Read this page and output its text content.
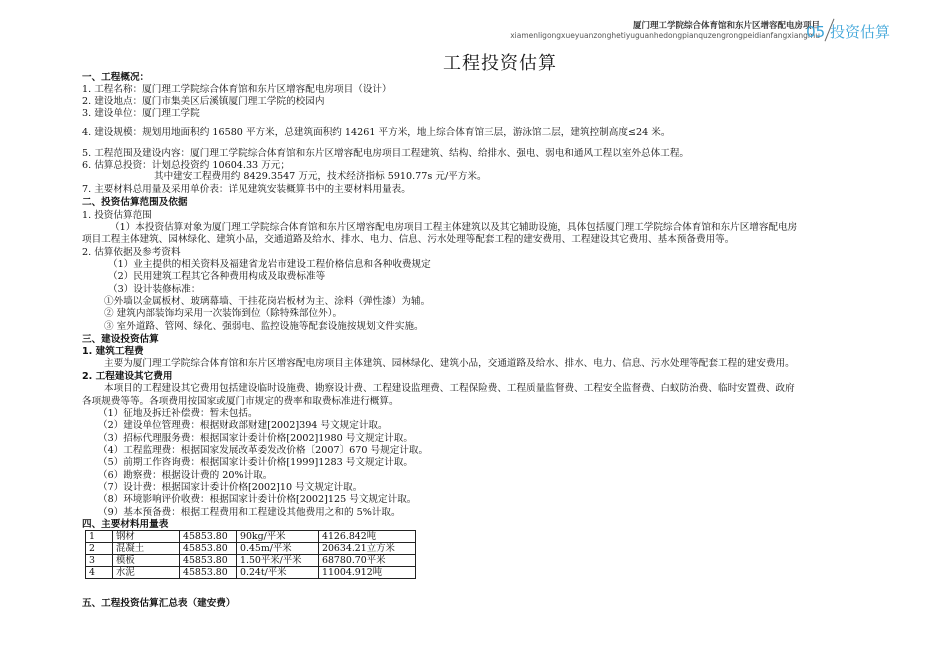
厦门理工学院综合体育馆和东片区增容配电房项目
xiamenligongxueyuanzonghetiyuguanhedongpianquzengrongpeidianfangxiangmu
05 投资估算
工程投资估算
一、工程概况：
1. 工程名称：厦门理工学院综合体育馆和东片区增容配电房项目（设计）
2. 建设地点：厦门市集美区后溪镇厦门理工学院的校园内
3. 建设单位：厦门理工学院
4. 建设规模：规划用地面积约 16580 平方米，总建筑面积约 14261 平方米，地上综合体育馆三层，游泳馆二层，建筑控制高度≤24 米。
5. 工程范围及建设内容：厦门理工学院综合体育馆和东片区增容配电房项目工程建筑、结构、给排水、强电、弱电和通风工程以室外总体工程。
6. 估算总投资：计划总投资约 10604.33 万元；
其中建安工程费用约 8429.3547 万元，技术经济指标 5910.77s 元/平方米。
7. 主要材料总用量及采用单价表：详见建筑安装概算书中的主要材料用量表。
二、投资估算范围及依据
1. 投资估算范围
（1）本投资估算对象为厦门理工学院综合体育馆和东片区增容配电房项目工程主体建筑以及其它辅助设施，具体包括厦门理工学院综合体育馆和东片区增容配电房
项目工程主体建筑、园林绿化、建筑小品，交通道路及给水、排水、电力、信息、污水处理等配套工程的建安费用、工程建设其它费用、基本预备费用等。
2. 估算依据及参考资料
（1）业主提供的相关资料及福建省龙岩市建设工程价格信息和各种收费规定
（2）民用建筑工程其它各种费用构成及取费标准等
（3）设计装修标准：
①外墙以金属板材、玻璃幕墙、干挂花岗岩板材为主、涂料（弹性漆）为辅。
② 建筑内部装饰均采用一次装饰到位（除特殊部位外）。
③ 室外道路、管网、绿化、强弱电、监控设施等配套设施按规划文件实施。
三、建设投资估算
1. 建筑工程费
主要为厦门理工学院综合体育馆和东片区增容配电房项目主体建筑、园林绿化、建筑小品，交通道路及给水、排水、电力、信息、污水处理等配套工程的建安费用。
2. 工程建设其它费用
本项目的工程建设其它费用包括建设临时设施费、勘察设计费、工程建设监理费、工程保险费、工程质量监督费、工程安全监督费、白蚁防治费、临时安置费、政府
各项规费等等。各项费用按国家或厦门市规定的费率和取费标准进行概算。
（1）征地及拆迁补偿费：暂未包括。
（2）建设单位管理费：根据财政部财建[2002]394 号文规定计取。
（3）招标代理服务费：根据国家计委计价格[2002]1980 号文规定计取。
（4）工程监理费：根据国家发展改革委发改价格〔2007〕670 号规定计取。
（5）前期工作咨询费：根据国家计委计价格[1999]1283 号文规定计取。
（6）勘察费：根据设计费的 20%计取。
（7）设计费：根据国家计委计价格[2002]10 号文规定计取。
（8）环境影响评价收费：根据国家计委计价格[2002]125 号文规定计取。
（9）基本预备费：根据工程费用和工程建设其他费用之和的 5%计取。
四、主要材料用量表
1	钢材	45853.80	90kg/平米	4126.842吨
2	混凝土	45853.80	0.45m/平米	20634.21立方米
3	模板	45853.80	1.50平米/平米	68780.70平米
4	水泥	45853.80	0.24t/平米	11004.912吨
五、工程投资估算汇总表（建安费）
